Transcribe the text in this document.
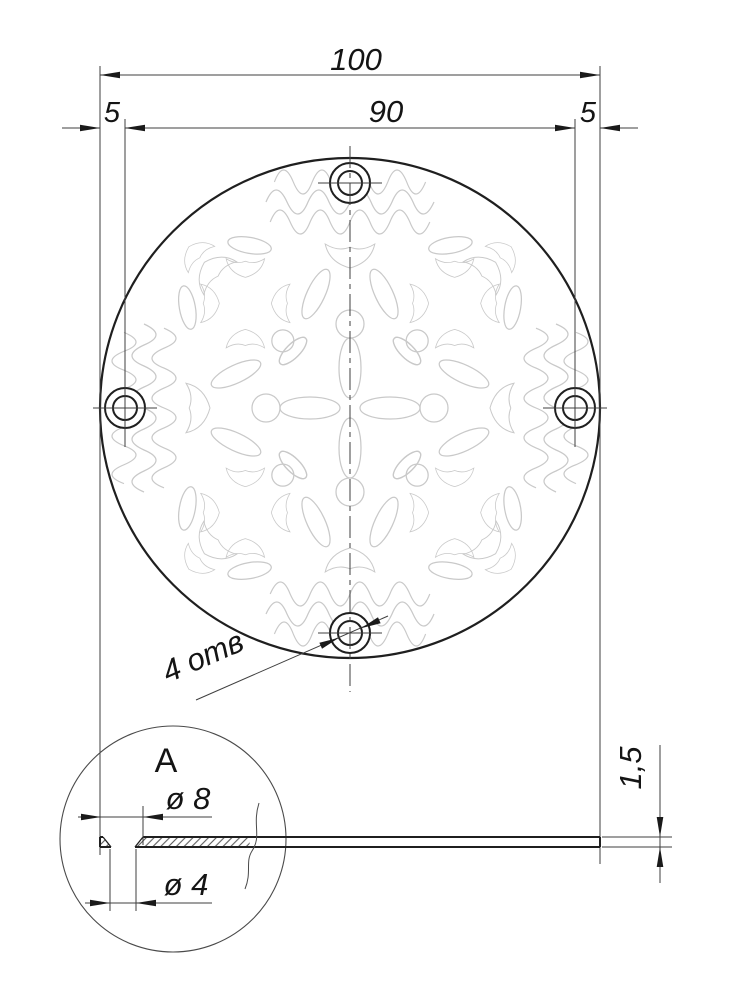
100
5	90	5
4 отв
A
ø 8
ø 4
1,5
